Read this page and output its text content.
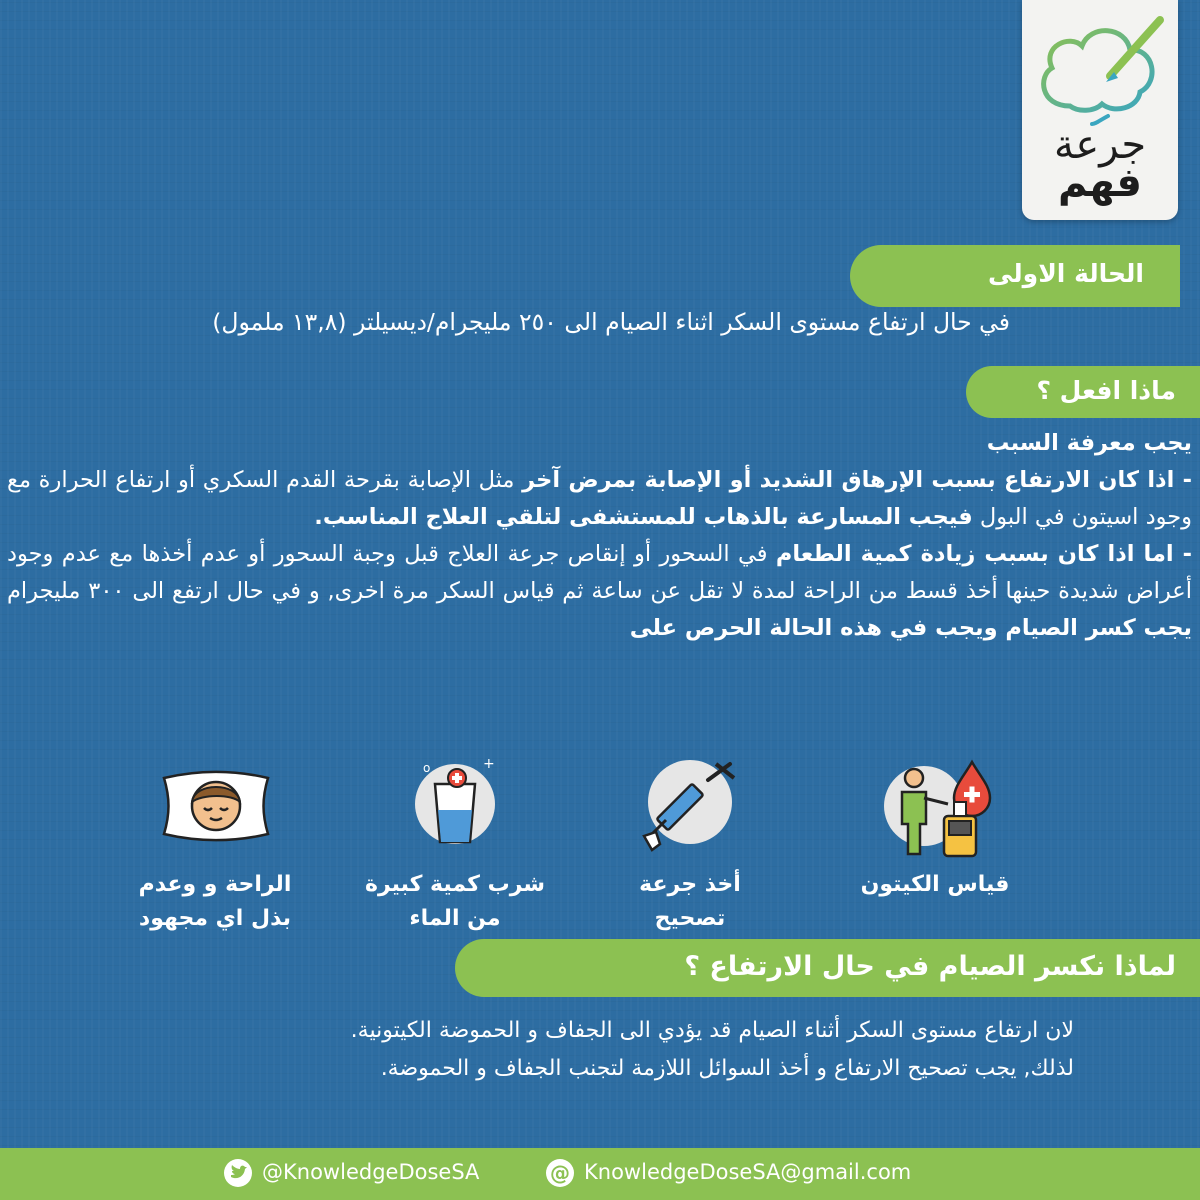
جرعة
فهم
الحالة الاولى
في حال ارتفاع مستوى السكر اثناء الصيام الى ٢٥٠ مليجرام/ديسيلتر (١٣,٨ ملمول)
ماذا افعل ؟

يجب معرفة السبب

- اذا كان الارتفاع بسبب الإرهاق الشديد أو الإصابة بمرض آخر مثل الإصابة بقرحة القدم السكري أو ارتفاع الحرارة مع وجود اسيتون في البول فيجب المسارعة بالذهاب للمستشفى لتلقي العلاج المناسب.

- اما اذا كان بسبب زيادة كمية الطعام في السحور أو إنقاص جرعة العلاج قبل وجبة السحور أو عدم أخذها مع عدم وجود أعراض شديدة حينها أخذ قسط من الراحة لمدة لا تقل عن ساعة ثم قياس السكر مرة اخرى, و في حال ارتفع الى ٣٠٠ مليجرام يجب كسر الصيام ويجب في هذه الحالة الحرص على

قياس الكيتون
أخذ جرعة
تصحيح
+
o
شرب كمية كبيرة
من الماء
الراحة و وعدم
بذل اي مجهود
لماذا نكسر الصيام في حال الارتفاع ؟
لان ارتفاع مستوى السكر أثناء الصيام قد يؤدي الى الجفاف و الحموضة الكيتونية.
لذلك, يجب تصحيح الارتفاع و أخذ السوائل اللازمة لتجنب الجفاف و الحموضة.
@KnowledgeDoseSA	@ KnowledgeDoseSA@gmail.com
